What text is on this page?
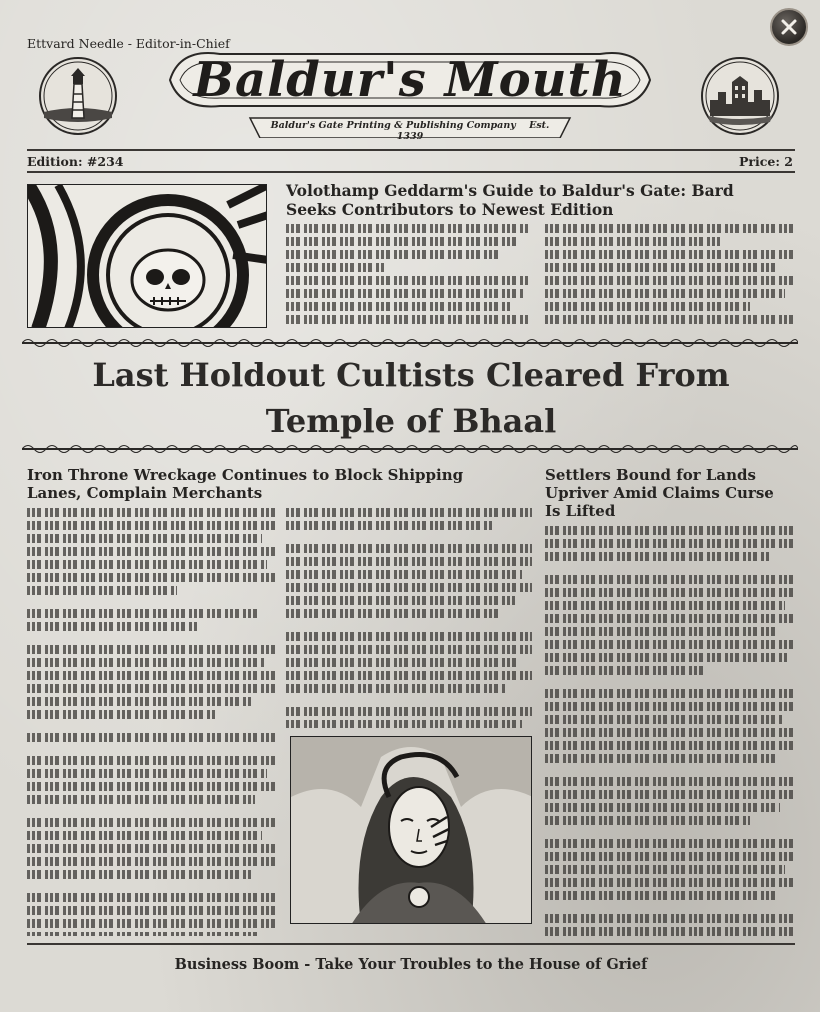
Ettvard Needle - Editor-in-Chief
Baldur's Mouth
Baldur's Gate Printing & Publishing Company Est. 1339
Edition: #234	Price: 2
Volothamp Geddarm's Guide to Baldur's Gate: Bard Seeks Contributors to Newest Edition
Last Holdout Cultists Cleared From Temple of Bhaal
Iron Throne Wreckage Continues to Block Shipping Lanes, Complain Merchants
Settlers Bound for Lands Upriver Amid Claims Curse Is Lifted
Business Boom - Take Your Troubles to the House of Grief
